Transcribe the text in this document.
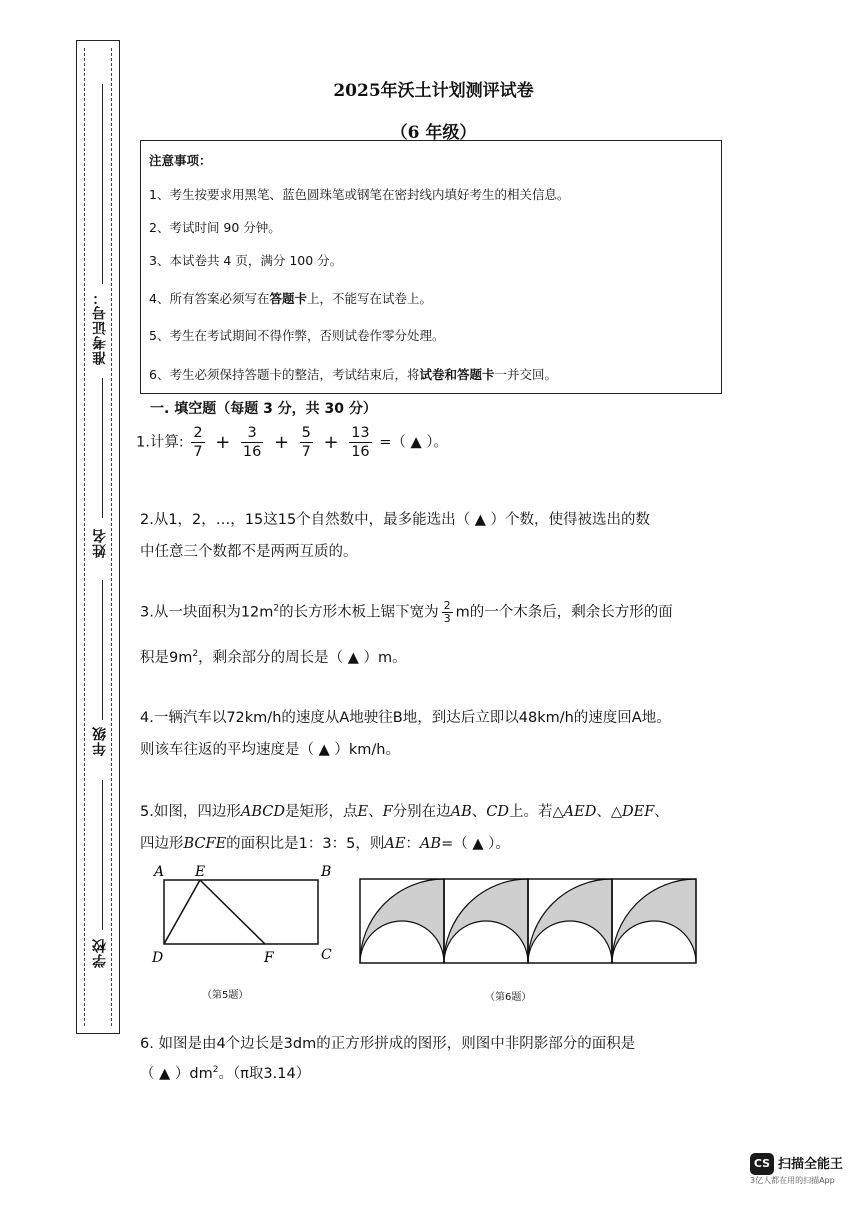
准考证号：
姓名
年级
学校
2025年沃土计划测评试卷
（6 年级）
注意事项：
1、考生按要求用黑笔、蓝色圆珠笔或钢笔在密封线内填好考生的相关信息。
2、考试时间 90 分钟。
3、本试卷共 4 页，满分 100 分。
4、所有答案必须写在答题卡上，不能写在试卷上。
5、考生在考试期间不得作弊，否则试卷作零分处理。
6、考生必须保持答题卡的整洁，考试结束后，将试卷和答题卡一并交回。
一. 填空题（每题 3 分，共 30 分）
1.计算: $\frac{2}{7} + \frac{3}{16} + \frac{5}{7} + \frac{13}{16}$ =（ ▲ ）。
2.从1，2，…，15这15个自然数中，最多能选出（ ▲ ）个数，使得被选出的数
中任意三个数都不是两两互质的。
3.从一块面积为$12m^2$的长方形木板上锯下宽为 $\frac{2}{3}$ m的一个木条后，剩余长方形的面
积是$9m^2$，剩余部分的周长是（ ▲ ）m。
4.一辆汽车以72km/h的速度从A地驶往B地，到达后立即以48km/h的速度回A地。
则该车往返的平均速度是（ ▲ ）km/h。
5.如图，四边形ABCD是矩形，点E、F分别在边AB、CD上。若△AED、△DEF、
四边形BCFE的面积比是1：3：5，则AE：AB=（ ▲ ）。
A E	B
D	F	C
（第5题）	（第6题）
6. 如图是由4个边长是3dm的正方形拼成的图形，则图中非阴影部分的面积是
（ ▲ ）$dm^2$。（π取3.14）
CS 扫描全能王
3亿人都在用的扫描App
